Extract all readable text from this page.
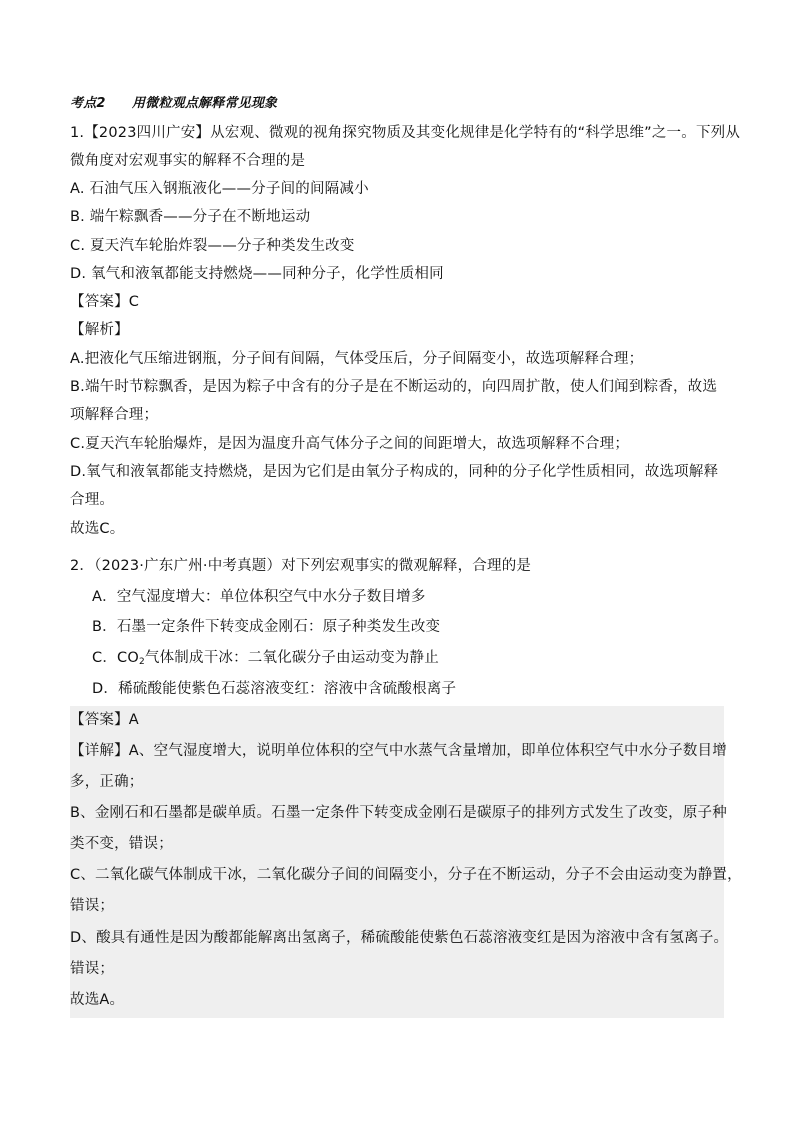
考点2　　用微粒观点解释常见现象
1.【2023四川广安】从宏观、微观的视角探究物质及其变化规律是化学特有的“科学思维”之一。下列从
微角度对宏观事实的解释不合理的是
A. 石油气压入钢瓶液化——分子间的间隔减小
B. 端午粽飘香——分子在不断地运动
C. 夏天汽车轮胎炸裂——分子种类发生改变
D. 氧气和液氧都能支持燃烧——同种分子，化学性质相同
【答案】C
【解析】
A.把液化气压缩进钢瓶，分子间有间隔，气体受压后，分子间隔变小，故选项解释合理；
B.端午时节粽飘香，是因为粽子中含有的分子是在不断运动的，向四周扩散，使人们闻到粽香，故选
项解释合理；
C.夏天汽车轮胎爆炸，是因为温度升高气体分子之间的间距增大，故选项解释不合理；
D.氧气和液氧都能支持燃烧，是因为它们是由氧分子构成的，同种的分子化学性质相同，故选项解释
合理。
故选C。
2．（2023·广东广州·中考真题）对下列宏观事实的微观解释，合理的是
A．空气湿度增大：单位体积空气中水分子数目增多
B．石墨一定条件下转变成金刚石：原子种类发生改变
C．$CO_2$气体制成干冰：二氧化碳分子由运动变为静止
D．稀硫酸能使紫色石蕊溶液变红：溶液中含硫酸根离子
【答案】A
【详解】A、空气湿度增大，说明单位体积的空气中水蒸气含量增加，即单位体积空气中水分子数目增
多，正确；
B、金刚石和石墨都是碳单质。石墨一定条件下转变成金刚石是碳原子的排列方式发生了改变，原子种
类不变，错误；
C、二氧化碳气体制成干冰，二氧化碳分子间的间隔变小，分子在不断运动，分子不会由运动变为静置，
错误；
D、酸具有通性是因为酸都能解离出氢离子，稀硫酸能使紫色石蕊溶液变红是因为溶液中含有氢离子。
错误；
故选A。
